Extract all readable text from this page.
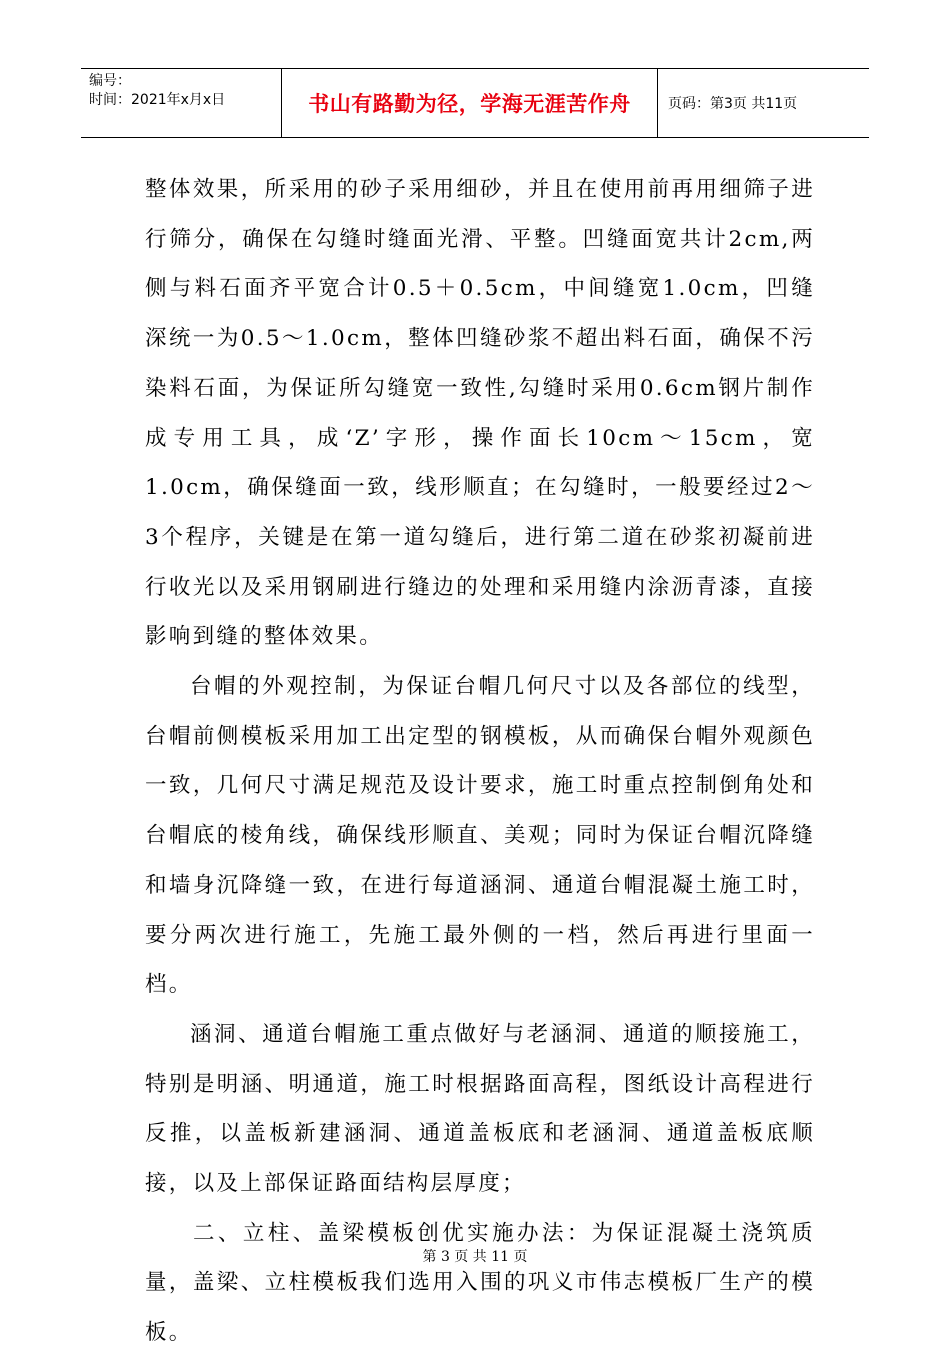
编号：
时间：2021年x月x日	书山有路勤为径，学海无涯苦作舟	页码：第3页 共11页

整体效果，所采用的砂子采用细砂，并且在使用前再用细筛子进行筛分，确保在勾缝时缝面光滑、平整。凹缝面宽共计2cm,两侧与料石面齐平宽合计0.5＋0.5cm，中间缝宽1.0cm，凹缝深统一为0.5～1.0cm，整体凹缝砂浆不超出料石面，确保不污染料石面，为保证所勾缝宽一致性,勾缝时采用0.6cm钢片制作成专用工具，成‘Z’字形，操作面长10cm～15cm，宽1.0cm，确保缝面一致，线形顺直；在勾缝时，一般要经过2～3个程序，关键是在第一道勾缝后，进行第二道在砂浆初凝前进行收光以及采用钢刷进行缝边的处理和采用缝内涂沥青漆，直接影响到缝的整体效果。

台帽的外观控制，为保证台帽几何尺寸以及各部位的线型，台帽前侧模板采用加工出定型的钢模板，从而确保台帽外观颜色一致，几何尺寸满足规范及设计要求，施工时重点控制倒角处和台帽底的棱角线，确保线形顺直、美观；同时为保证台帽沉降缝和墙身沉降缝一致，在进行每道涵洞、通道台帽混凝土施工时，要分两次进行施工，先施工最外侧的一档，然后再进行里面一档。

涵洞、通道台帽施工重点做好与老涵洞、通道的顺接施工，特别是明涵、明通道，施工时根据路面高程，图纸设计高程进行反推，以盖板新建涵洞、通道盖板底和老涵洞、通道盖板底顺接，以及上部保证路面结构层厚度；

二、立柱、盖梁模板创优实施办法：为保证混凝土浇筑质量，盖梁、立柱模板我们选用入围的巩义市伟志模板厂生产的模板。

第 3 页 共 11 页
